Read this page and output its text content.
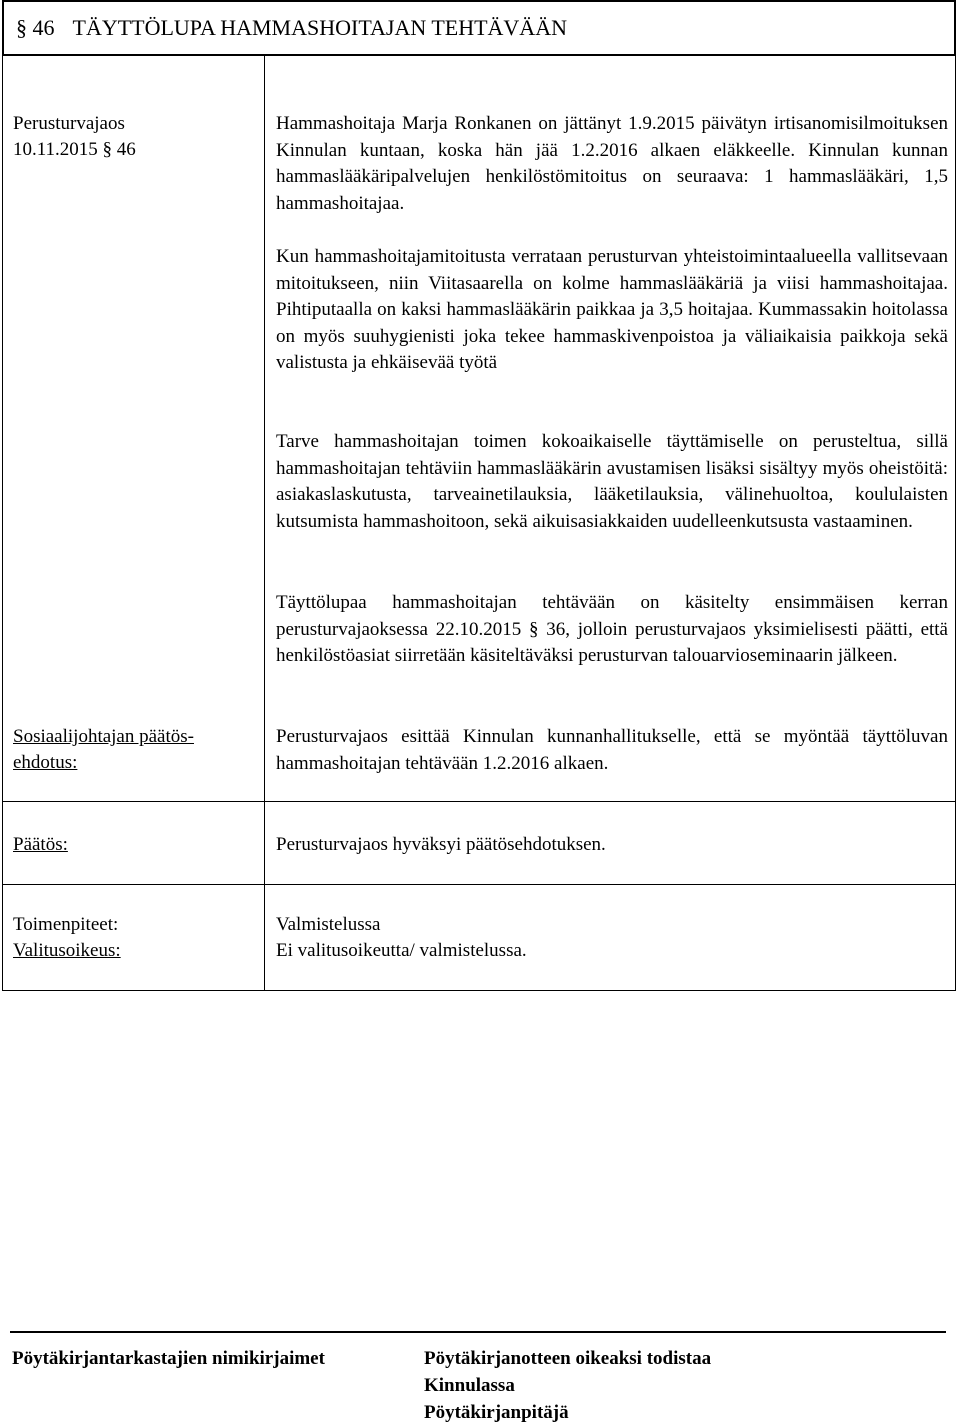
§ 46 TÄYTTÖLUPA HAMMASHOITAJAN TEHTÄVÄÄN
Perusturvajaos
10.11.2015 § 46

Hammashoitaja Marja Ronkanen on jättänyt 1.9.2015 päivätyn irtisanomisilmoituksen Kinnulan kuntaan, koska hän jää 1.2.2016 alkaen eläkkeelle. Kinnulan kunnan hammaslääkäripalvelujen henkilöstömitoitus on seuraava: 1 hammaslääkäri, 1,5 hammashoitajaa.

Kun hammashoitajamitoitusta verrataan perusturvan yhteistoimintaalueella vallitsevaan mitoitukseen, niin Viitasaarella on kolme hammaslääkäriä ja viisi hammashoitajaa. Pihtiputaalla on kaksi hammaslääkärin paikkaa ja 3,5 hoitajaa. Kummassakin hoitolassa on myös suuhygienisti joka tekee hammaskivenpoistoa ja väliaikaisia paikkoja sekä valistusta ja ehkäisevää työtä

Tarve hammashoitajan toimen kokoaikaiselle täyttämiselle on perusteltua, sillä hammashoitajan tehtäviin hammaslääkärin avustamisen lisäksi sisältyy myös oheistöitä: asiakaslaskutusta, tarveainetilauksia, lääketilauksia, välinehuoltoa, koululaisten kutsumista hammashoitoon, sekä aikuisasiakkaiden uudelleenkutsusta vastaaminen.

Täyttölupaa hammashoitajan tehtävään on käsitelty ensimmäisen kerran perusturvajaoksessa 22.10.2015 § 36, jolloin perusturvajaos yksimielisesti päätti, että henkilöstöasiat siirretään käsiteltäväksi perusturvan talouarvioseminaarin jälkeen.

Sosiaalijohtajan päätös-
ehdotus:
Perusturvajaos esittää Kinnulan kunnanhallitukselle, että se myöntää täyttöluvan hammashoitajan tehtävään 1.2.2016 alkaen.
Päätös:	Perusturvajaos hyväksyi päätösehdotuksen.
Toimenpiteet:
Valitusoikeus:
Valmistelussa
Ei valitusoikeutta/ valmistelussa.
Pöytäkirjantarkastajien nimikirjaimet	Pöytäkirjanotteen oikeaksi todistaa
Kinnulassa
Pöytäkirjanpitäjä
